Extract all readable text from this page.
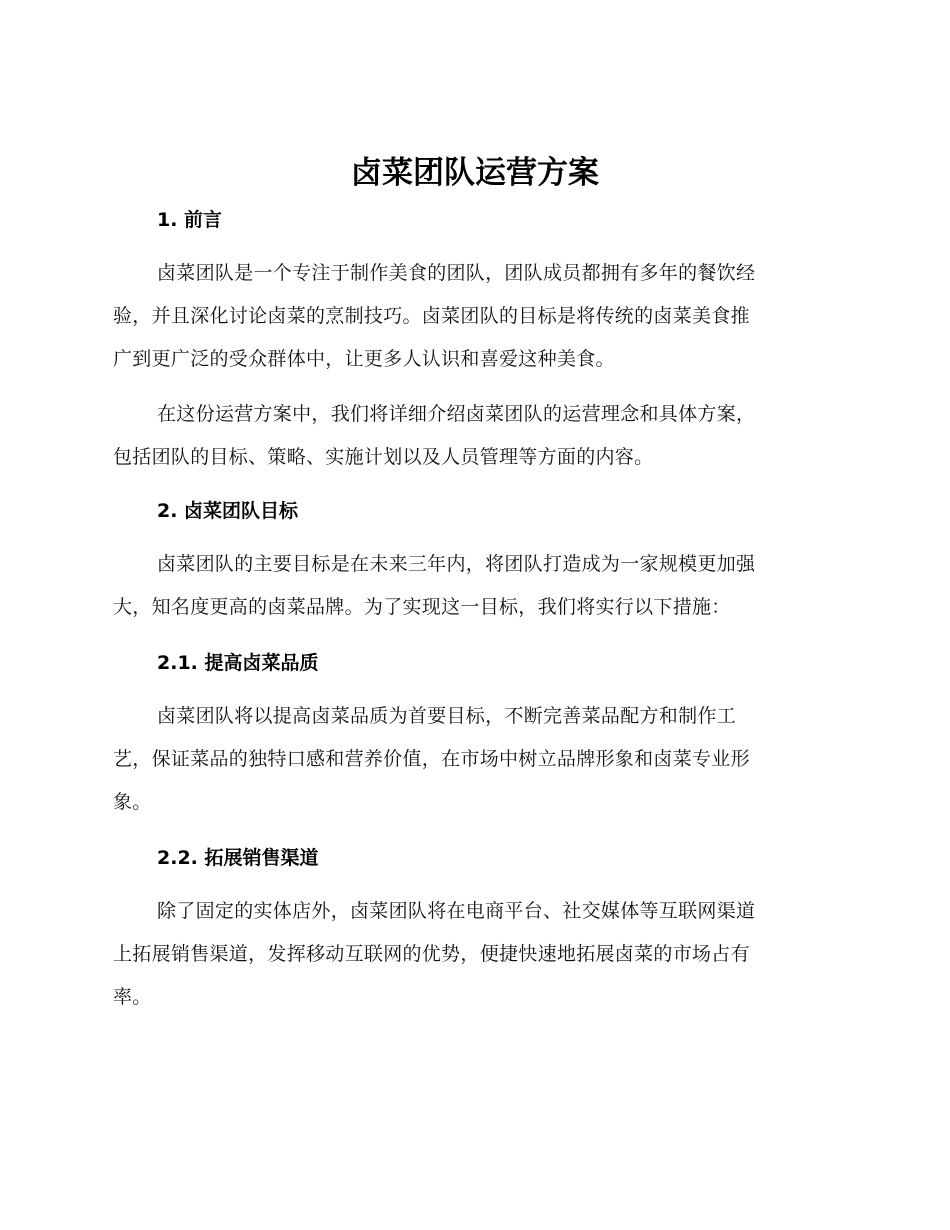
卤菜团队运营方案
1. 前言

卤菜团队是一个专注于制作美食的团队，团队成员都拥有多年的餐饮经
验，并且深化讨论卤菜的烹制技巧。卤菜团队的目标是将传统的卤菜美食推
广到更广泛的受众群体中，让更多人认识和喜爱这种美食。

在这份运营方案中，我们将详细介绍卤菜团队的运营理念和具体方案，
包括团队的目标、策略、实施计划以及人员管理等方面的内容。

2. 卤菜团队目标

卤菜团队的主要目标是在未来三年内，将团队打造成为一家规模更加强
大，知名度更高的卤菜品牌。为了实现这一目标，我们将实行以下措施：

2.1. 提高卤菜品质

卤菜团队将以提高卤菜品质为首要目标，不断完善菜品配方和制作工
艺，保证菜品的独特口感和营养价值，在市场中树立品牌形象和卤菜专业形
象。

2.2. 拓展销售渠道

除了固定的实体店外，卤菜团队将在电商平台、社交媒体等互联网渠道
上拓展销售渠道，发挥移动互联网的优势，便捷快速地拓展卤菜的市场占有
率。
